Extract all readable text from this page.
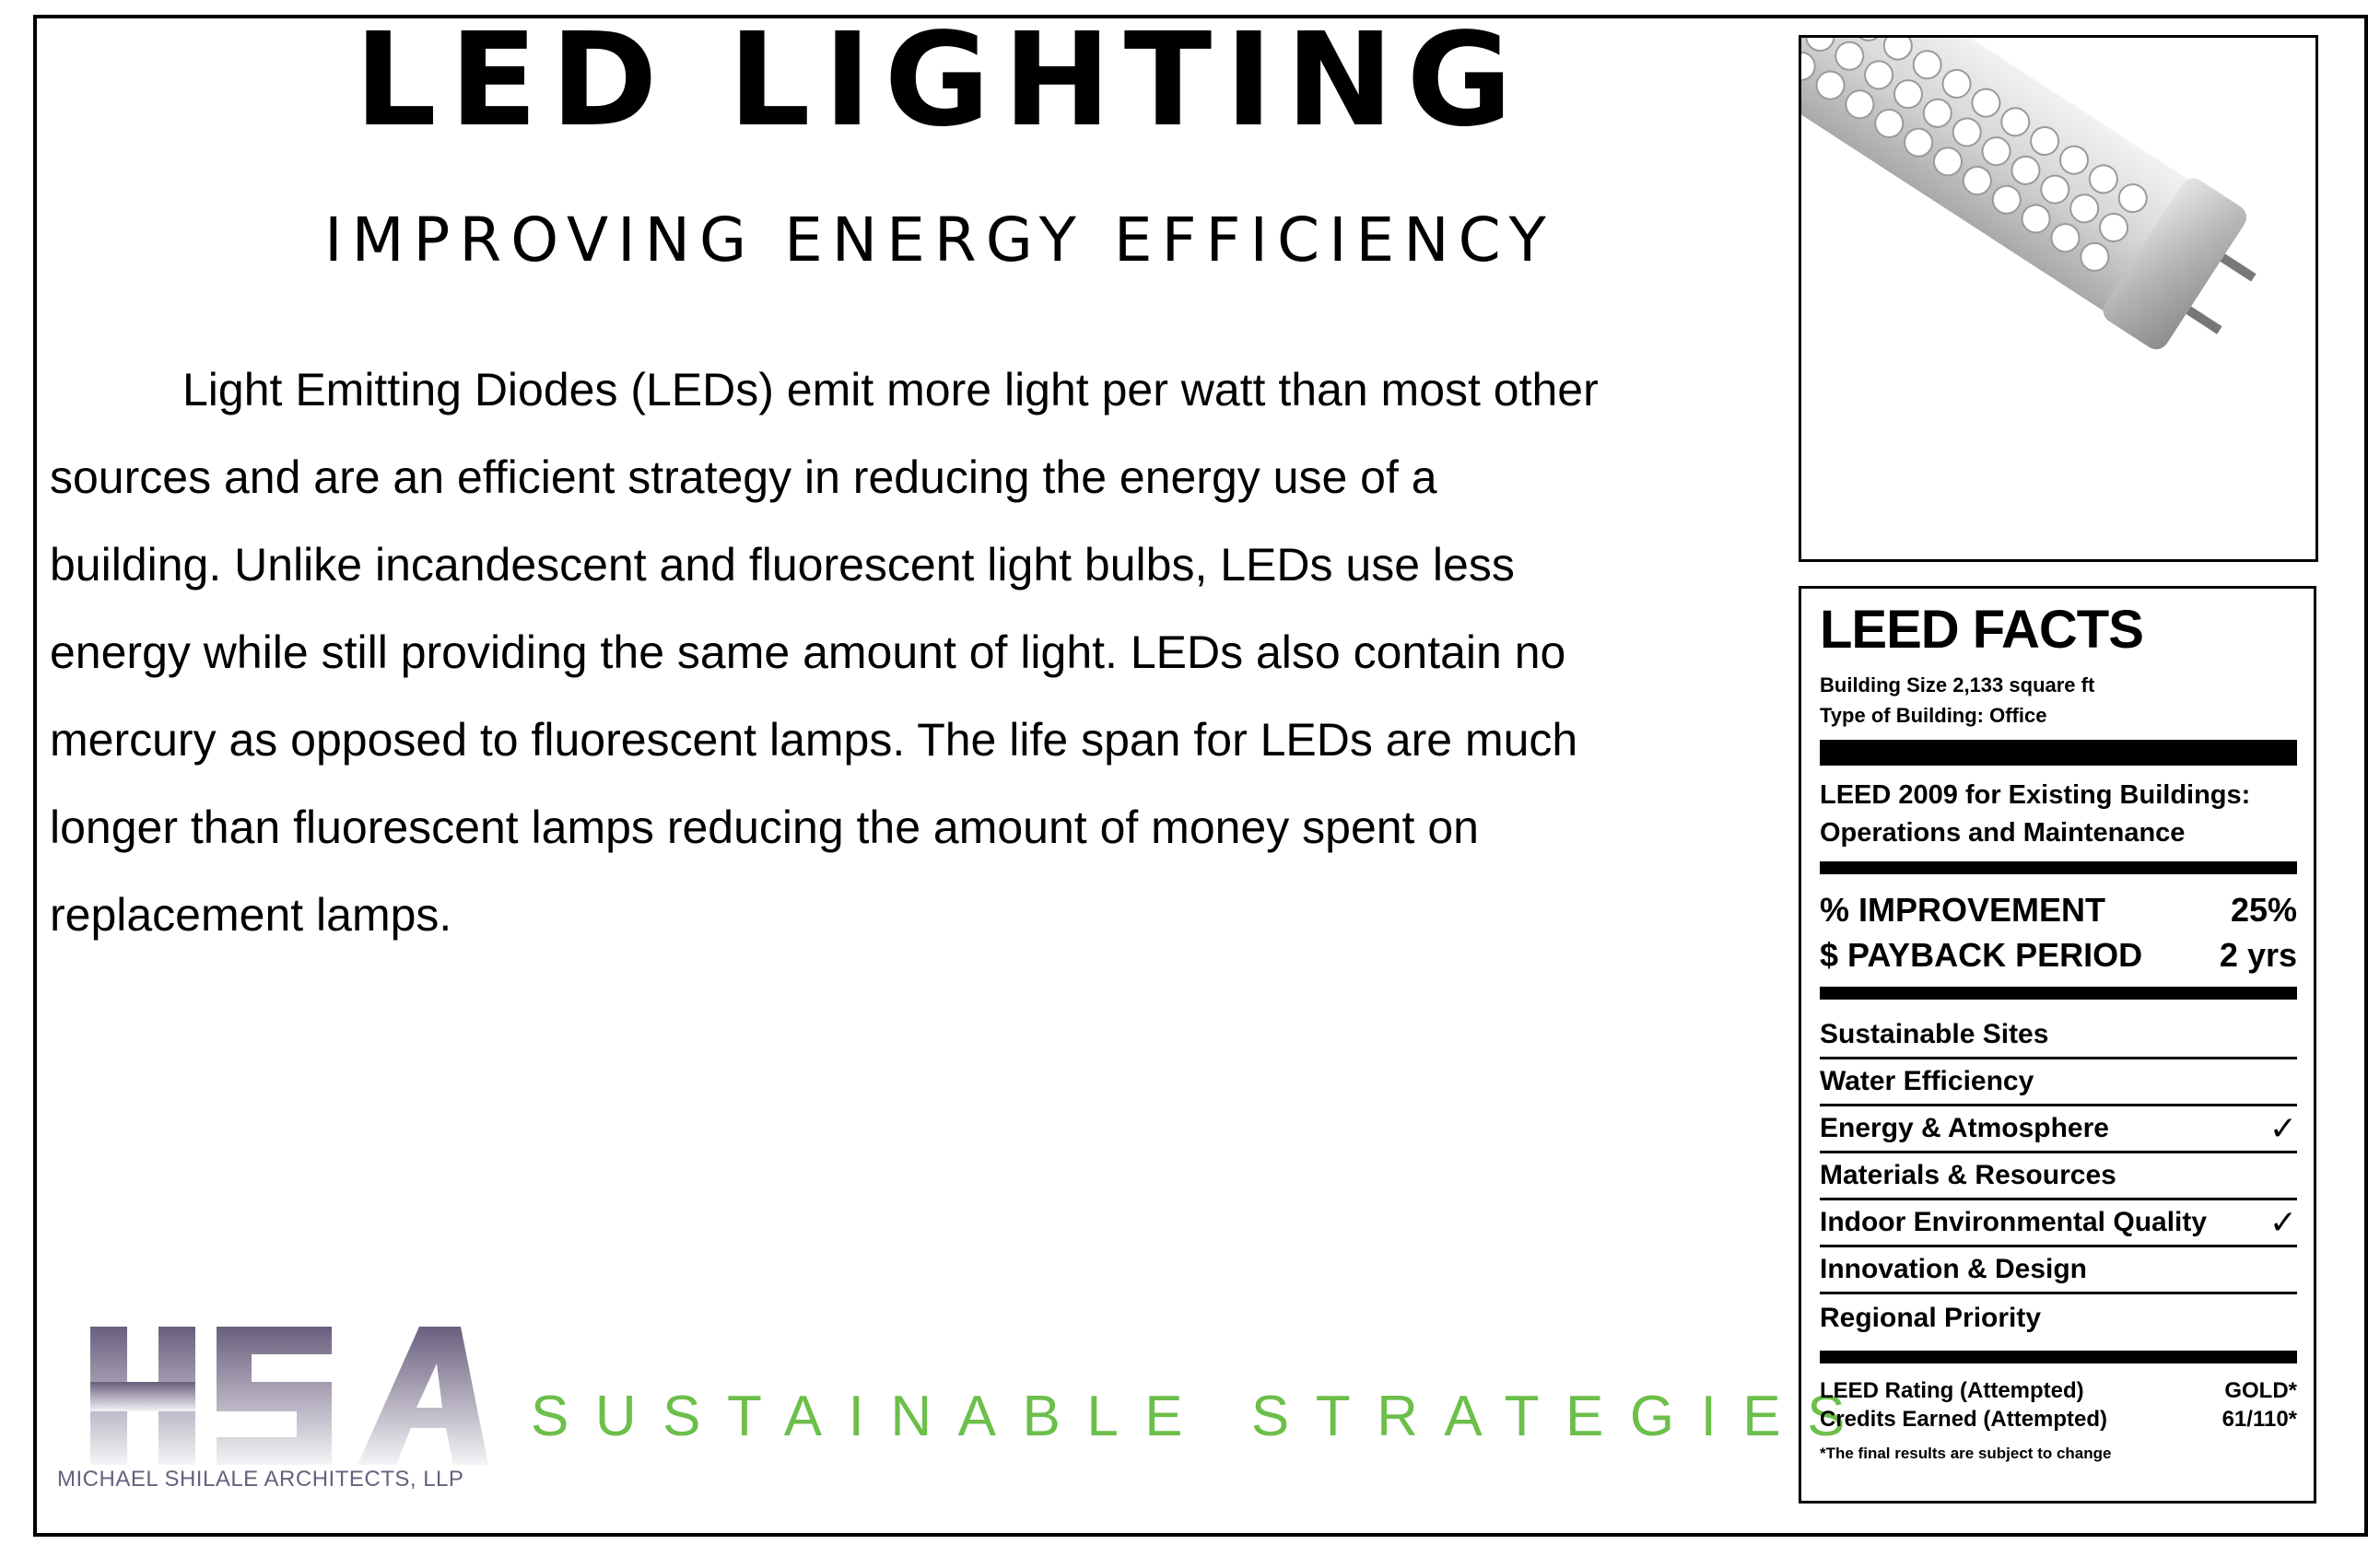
LED LIGHTING
IMPROVING ENERGY EFFICIENCY
Light Emitting Diodes (LEDs) emit more light per watt than most other
sources and are an efficient strategy in reducing the energy use of a
building. Unlike incandescent and fluorescent light bulbs, LEDs use less
energy while still providing the same amount of light. LEDs also contain no
mercury as opposed to fluorescent lamps. The life span for LEDs are much
longer than fluorescent lamps reducing the amount of money spent on
replacement lamps.
MICHAEL SHILALE ARCHITECTS, LLP
SUSTAINABLE STRATEGIES
LEED FACTS
Building Size 2,133 square ft
Type of Building: Office
LEED 2009 for Existing Buildings:
Operations and Maintenance
% IMPROVEMENT	25%
$ PAYBACK PERIOD 2 yrs
Sustainable Sites
Water Efficiency
Energy & Atmosphere	✓
Materials & Resources
Indoor Environmental Quality ✓
Innovation & Design
Regional Priority
LEED Rating (Attempted)	GOLD*
Credits Earned (Attempted)	61/110*
*The final results are subject to change
